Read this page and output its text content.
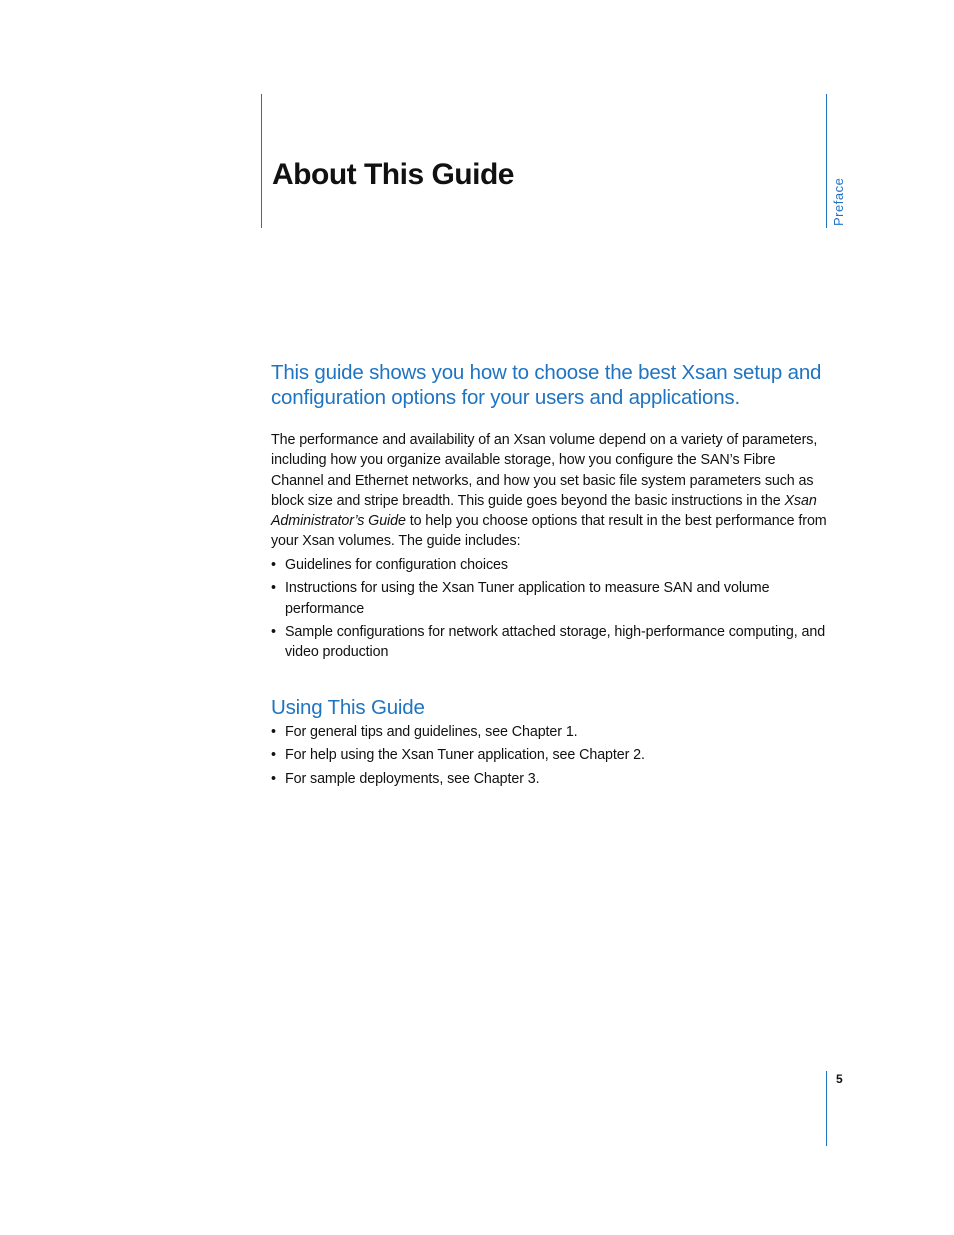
About This Guide
Preface
This guide shows you how to choose the best Xsan setup and configuration options for your users and applications.

The performance and availability of an Xsan volume depend on a variety of parameters, including how you organize available storage, how you configure the SAN’s Fibre Channel and Ethernet networks, and how you set basic file system parameters such as block size and stripe breadth. This guide goes beyond the basic instructions in the Xsan Administrator’s Guide to help you choose options that result in the best performance from your Xsan volumes. The guide includes:

• Guidelines for configuration choices
• Instructions for using the Xsan Tuner application to measure SAN and volume performance
• Sample configurations for network attached storage, high-performance computing, and video production
Using This Guide
• For general tips and guidelines, see Chapter 1.
• For help using the Xsan Tuner application, see Chapter 2.
• For sample deployments, see Chapter 3.
5
